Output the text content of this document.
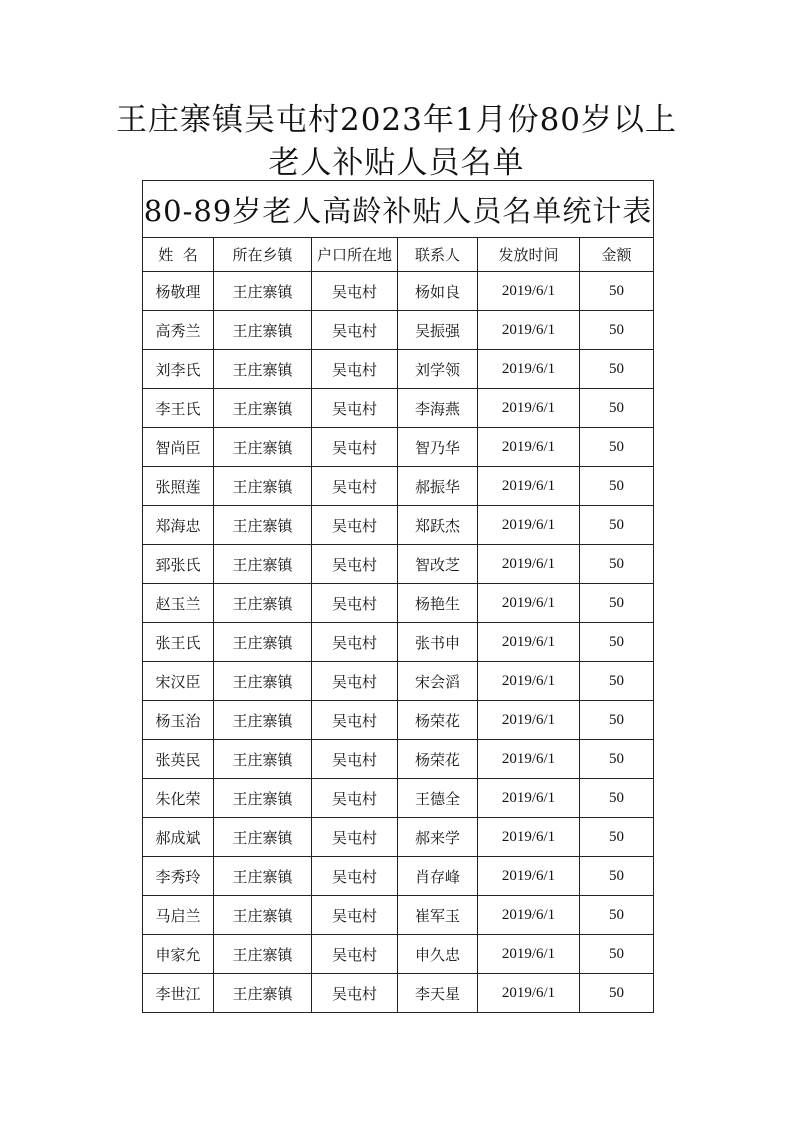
王庄寨镇吴屯村2023年1月份80岁以上
老人补贴人员名单
80-89岁老人高龄补贴人员名单统计表					
姓  名	所在乡镇	户口所在地	联系人	发放时间	金额
杨敬理	王庄寨镇	吴屯村	杨如良	2019/6/1	50
高秀兰	王庄寨镇	吴屯村	吴振强	2019/6/1	50
刘李氏	王庄寨镇	吴屯村	刘学领	2019/6/1	50
李王氏	王庄寨镇	吴屯村	李海燕	2019/6/1	50
智尚臣	王庄寨镇	吴屯村	智乃华	2019/6/1	50
张照莲	王庄寨镇	吴屯村	郝振华	2019/6/1	50
郑海忠	王庄寨镇	吴屯村	郑跃杰	2019/6/1	50
郅张氏	王庄寨镇	吴屯村	智改芝	2019/6/1	50
赵玉兰	王庄寨镇	吴屯村	杨艳生	2019/6/1	50
张王氏	王庄寨镇	吴屯村	张书申	2019/6/1	50
宋汉臣	王庄寨镇	吴屯村	宋会滔	2019/6/1	50
杨玉治	王庄寨镇	吴屯村	杨荣花	2019/6/1	50
张英民	王庄寨镇	吴屯村	杨荣花	2019/6/1	50
朱化荣	王庄寨镇	吴屯村	王德全	2019/6/1	50
郝成斌	王庄寨镇	吴屯村	郝来学	2019/6/1	50
李秀玲	王庄寨镇	吴屯村	肖存峰	2019/6/1	50
马启兰	王庄寨镇	吴屯村	崔军玉	2019/6/1	50
申家允	王庄寨镇	吴屯村	申久忠	2019/6/1	50
李世江	王庄寨镇	吴屯村	李天星	2019/6/1	50
